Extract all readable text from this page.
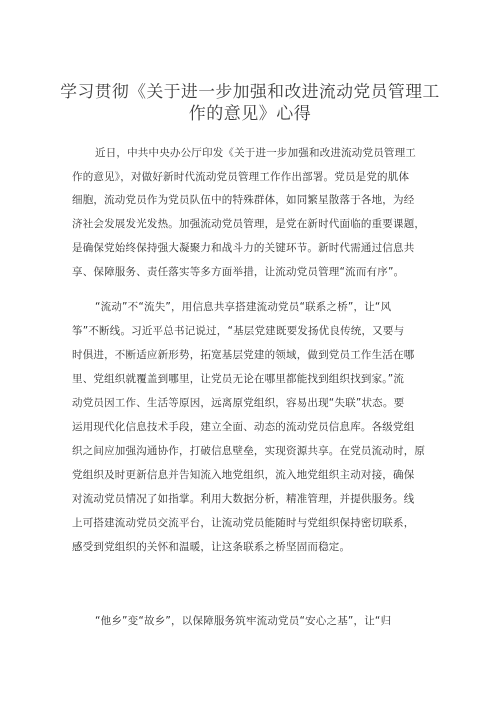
学习贯彻《关于进一步加强和改进流动党员管理工
作的意见》心得
近日，中共中央办公厅印发《关于进一步加强和改进流动党员管理工
作的意见》，对做好新时代流动党员管理工作作出部署。党员是党的肌体
细胞，流动党员作为党员队伍中的特殊群体，如同繁星散落于各地，为经
济社会发展发光发热。加强流动党员管理，是党在新时代面临的重要课题，
是确保党始终保持强大凝聚力和战斗力的关键环节。新时代需通过信息共
享、保障服务、责任落实等多方面举措，让流动党员管理“流而有序”。
“流动”不“流失”，用信息共享搭建流动党员“联系之桥”，让“风
筝”不断线。习近平总书记说过，“基层党建既要发扬优良传统，又要与
时俱进，不断适应新形势，拓宽基层党建的领域，做到党员工作生活在哪
里、党组织就覆盖到哪里，让党员无论在哪里都能找到组织找到家。”流
动党员因工作、生活等原因，远离原党组织，容易出现“失联”状态。要
运用现代化信息技术手段，建立全面、动态的流动党员信息库。各级党组
织之间应加强沟通协作，打破信息壁垒，实现资源共享。在党员流动时，原
党组织及时更新信息并告知流入地党组织，流入地党组织主动对接，确保
对流动党员情况了如指掌。利用大数据分析，精准管理，并提供服务。线
上可搭建流动党员交流平台，让流动党员能随时与党组织保持密切联系，
感受到党组织的关怀和温暖，让这条联系之桥坚固而稳定。
“他乡”变“故乡”，以保障服务筑牢流动党员“安心之基”，让“归
